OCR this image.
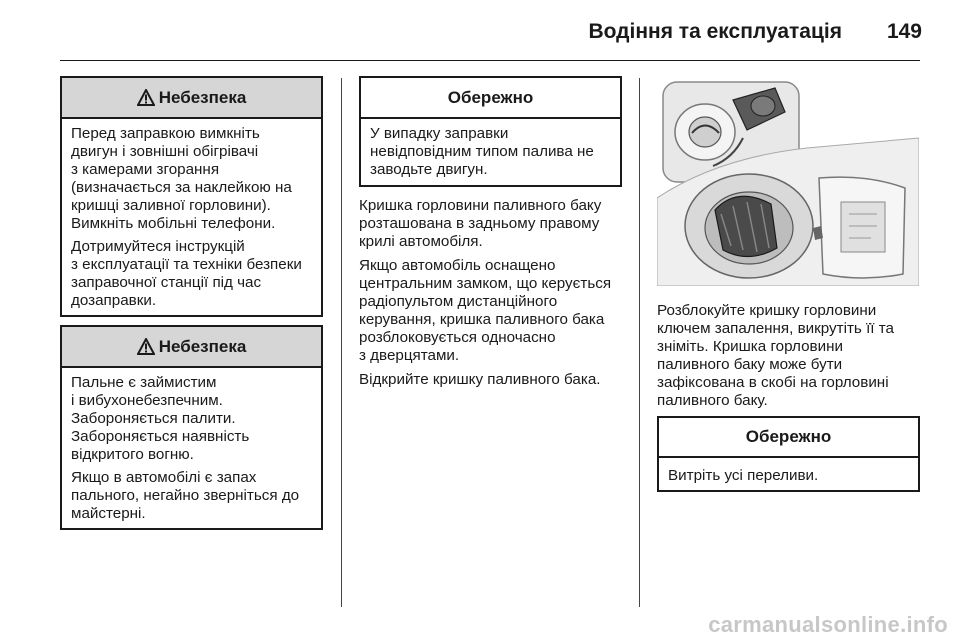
Водіння та експлуатація 149
Небезпека

Перед заправкою вимкніть
двигун і зовнішні обігрівачі
з камерами згорання
(визначається за наклейкою на
кришці заливної горловини).
Вимкніть мобільні телефони.

Дотримуйтеся інструкцій
з експлуатації та техніки безпеки
заправочної станції під час
дозаправки.

Небезпека

Пальне є займистим
і вибухонебезпечним.
Забороняється палити.
Забороняється наявність
відкритого вогню.

Якщо в автомобілі є запах
пального, негайно зверніться до
майстерні.

Обережно

У випадку заправки
невідповідним типом палива не
заводьте двигун.

Кришка горловини паливного баку
розташована в задньому правому
крилі автомобіля.

Якщо автомобіль оснащено
центральним замком, що керується
радіопультом дистанційного
керування, кришка паливного бака
розблоковується одночасно
з дверцятами.

Відкрийте кришку паливного бака.

Розблокуйте кришку горловини
ключем запалення, викрутіть її та
зніміть. Кришка горловини
паливного баку може бути
зафіксована в скобі на горловині
паливного баку.

Обережно

Витріть усі переливи.

carmanualsonline.info
